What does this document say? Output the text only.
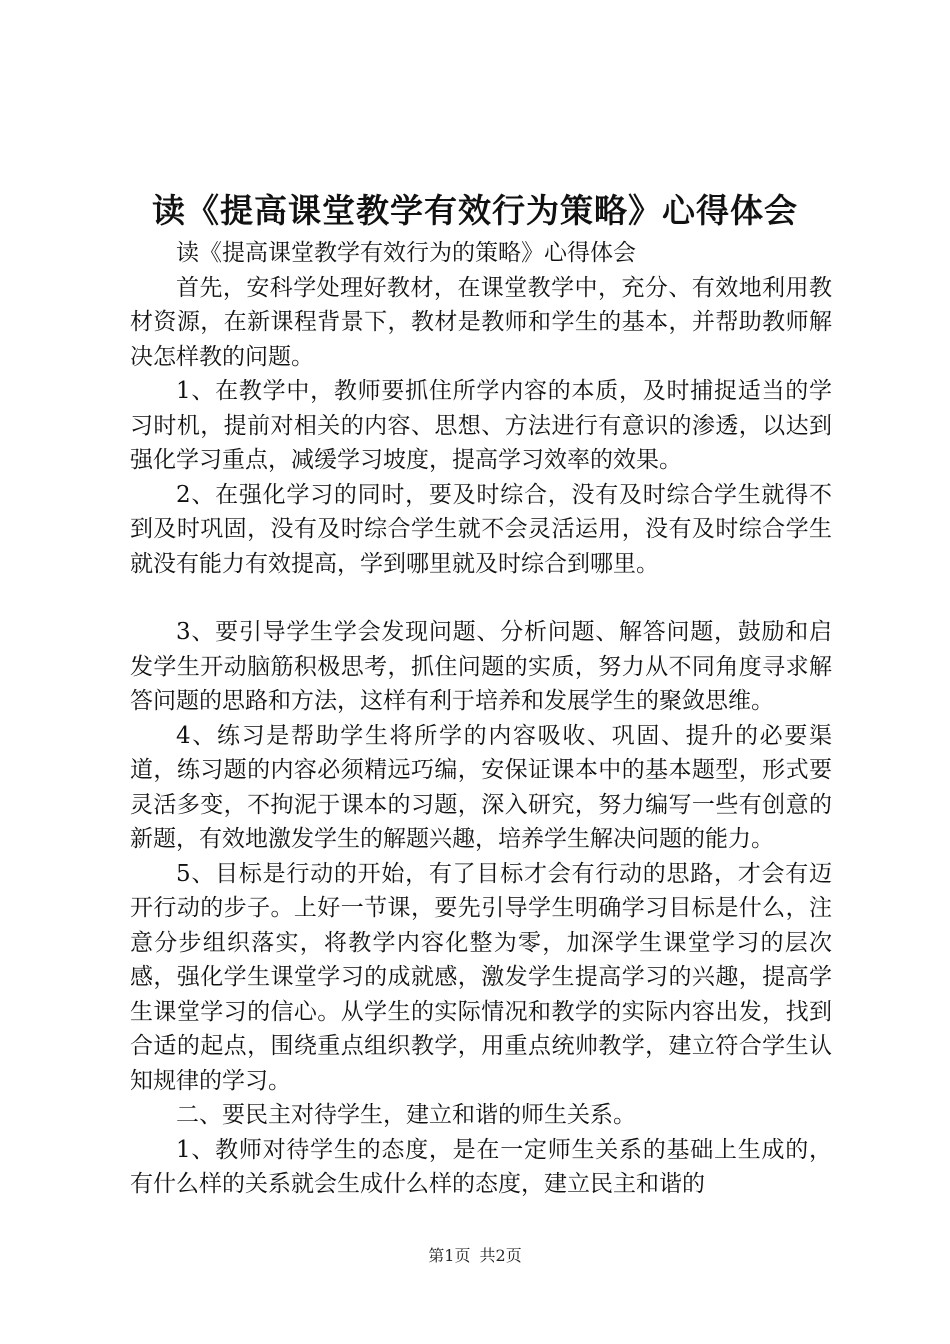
读《提高课堂教学有效行为策略》心得体会

读《提高课堂教学有效行为的策略》心得体会

首先，安科学处理好教材，在课堂教学中，充分、有效地利用教材资源，在新课程背景下，教材是教师和学生的基本，并帮助教师解决怎样教的问题。

1、在教学中，教师要抓住所学内容的本质，及时捕捉适当的学习时机，提前对相关的内容、思想、方法进行有意识的渗透，以达到强化学习重点，减缓学习坡度，提高学习效率的效果。

2、在强化学习的同时，要及时综合，没有及时综合学生就得不到及时巩固，没有及时综合学生就不会灵活运用，没有及时综合学生就没有能力有效提高，学到哪里就及时综合到哪里。

3、要引导学生学会发现问题、分析问题、解答问题，鼓励和启发学生开动脑筋积极思考，抓住问题的实质，努力从不同角度寻求解答问题的思路和方法，这样有利于培养和发展学生的聚敛思维。

4、练习是帮助学生将所学的内容吸收、巩固、提升的必要渠道，练习题的内容必须精远巧编，安保证课本中的基本题型，形式要灵活多变，不拘泥于课本的习题，深入研究，努力编写一些有创意的新题，有效地激发学生的解题兴趣，培养学生解决问题的能力。

5、目标是行动的开始，有了目标才会有行动的思路，才会有迈开行动的步子。上好一节课，要先引导学生明确学习目标是什么，注意分步组织落实，将教学内容化整为零，加深学生课堂学习的层次感，强化学生课堂学习的成就感，激发学生提高学习的兴趣，提高学生课堂学习的信心。从学生的实际情况和教学的实际内容出发，找到合适的起点，围绕重点组织教学，用重点统帅教学，建立符合学生认知规律的学习。

二、要民主对待学生，建立和谐的师生关系。

1、教师对待学生的态度，是在一定师生关系的基础上生成的，有什么样的关系就会生成什么样的态度，建立民主和谐的

第1页 共2页
